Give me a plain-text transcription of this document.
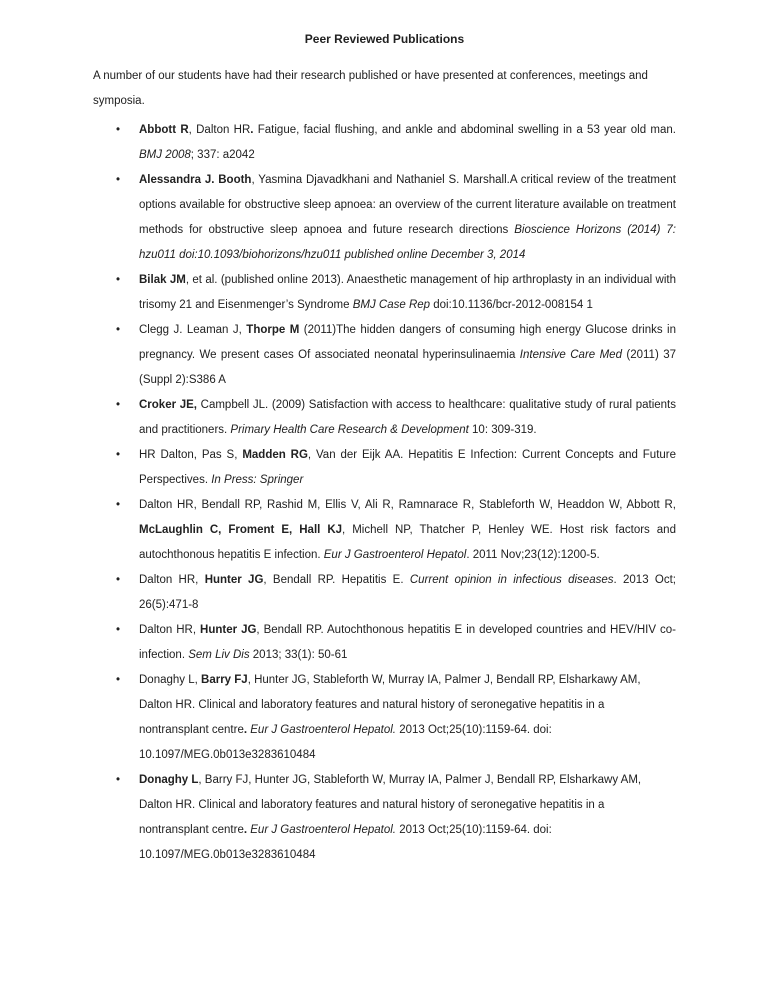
Peer Reviewed Publications

A number of our students have had their research published or have presented at conferences, meetings and symposia.

• Abbott R, Dalton HR. Fatigue, facial flushing, and ankle and abdominal swelling in a 53 year old man. BMJ 2008; 337: a2042
• Alessandra J. Booth, Yasmina Djavadkhani and Nathaniel S. Marshall.A critical review of the treatment options available for obstructive sleep apnoea: an overview of the current literature available on treatment methods for obstructive sleep apnoea and future research directions Bioscience Horizons (2014) 7: hzu011 doi:10.1093/biohorizons/hzu011 published online December 3, 2014
• Bilak JM, et al. (published online 2013). Anaesthetic management of hip arthroplasty in an individual with trisomy 21 and Eisenmenger’s Syndrome BMJ Case Rep doi:10.1136/bcr-2012-008154 1
• Clegg J. Leaman J, Thorpe M (2011)The hidden dangers of consuming high energy Glucose drinks in pregnancy. We present cases Of associated neonatal hyperinsulinaemia Intensive Care Med (2011) 37 (Suppl 2):S386 A
• Croker JE, Campbell JL. (2009) Satisfaction with access to healthcare: qualitative study of rural patients and practitioners. Primary Health Care Research & Development 10: 309-319.
• HR Dalton, Pas S, Madden RG, Van der Eijk AA. Hepatitis E Infection: Current Concepts and Future Perspectives. In Press: Springer
• Dalton HR, Bendall RP, Rashid M, Ellis V, Ali R, Ramnarace R, Stableforth W, Headdon W, Abbott R, McLaughlin C, Froment E, Hall KJ, Michell NP, Thatcher P, Henley WE. Host risk factors and autochthonous hepatitis E infection. Eur J Gastroenterol Hepatol. 2011 Nov;23(12):1200-5.
• Dalton HR, Hunter JG, Bendall RP. Hepatitis E. Current opinion in infectious diseases. 2013 Oct; 26(5):471-8
• Dalton HR, Hunter JG, Bendall RP. Autochthonous hepatitis E in developed countries and HEV/HIV co-infection. Sem Liv Dis 2013; 33(1): 50-61
• Donaghy L, Barry FJ, Hunter JG, Stableforth W, Murray IA, Palmer J, Bendall RP, Elsharkawy AM, Dalton HR. Clinical and laboratory features and natural history of seronegative hepatitis in a nontransplant centre. Eur J Gastroenterol Hepatol. 2013 Oct;25(10):1159-64. doi: 10.1097/MEG.0b013e3283610484
• Donaghy L, Barry FJ, Hunter JG, Stableforth W, Murray IA, Palmer J, Bendall RP, Elsharkawy AM, Dalton HR. Clinical and laboratory features and natural history of seronegative hepatitis in a nontransplant centre. Eur J Gastroenterol Hepatol. 2013 Oct;25(10):1159-64. doi: 10.1097/MEG.0b013e3283610484
